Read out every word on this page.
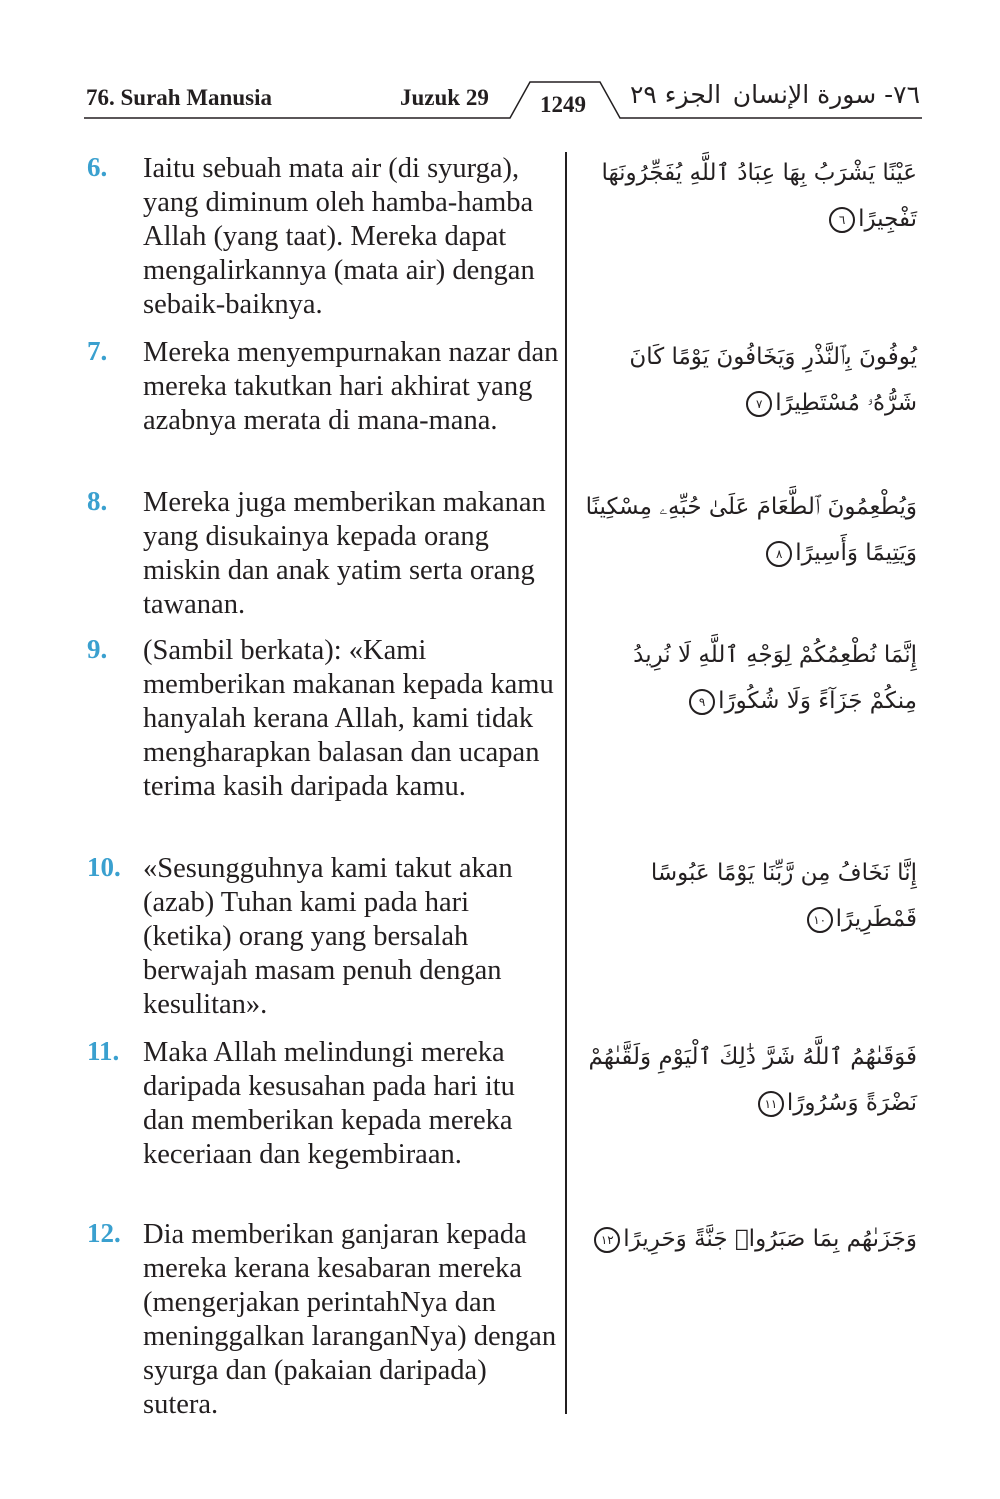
76. Surah Manusia	Juzuk 29 1249 الجزء ٢٩ ٧٦- سورة الإنسان
6. Iaitu sebuah mata air (di syurga), yang diminum oleh hamba-hamba Allah (yang taat). Mereka dapat mengalirkannya (mata air) dengan sebaik-baiknya.
عَيْنًا يَشْرَبُ بِهَا عِبَادُ ٱللَّهِ يُفَجِّرُونَهَا تَفْجِيرًا٦
7. Mereka menyempurnakan nazar dan mereka takutkan hari akhirat yang azabnya merata di mana-mana.
يُوفُونَ بِٱلنَّذْرِ وَيَخَافُونَ يَوْمًا كَانَ شَرُّهُۥ مُسْتَطِيرًا٧
8. Mereka juga memberikan makanan yang disukainya kepada orang miskin dan anak yatim serta orang tawanan.
وَيُطْعِمُونَ ٱلطَّعَامَ عَلَىٰ حُبِّهِۦ مِسْكِينًا وَيَتِيمًا وَأَسِيرًا٨
9. (Sambil berkata): «Kami memberikan makanan kepada kamu hanyalah kerana Allah, kami tidak mengharapkan balasan dan ucapan terima kasih daripada kamu.
إِنَّمَا نُطْعِمُكُمْ لِوَجْهِ ٱللَّهِ لَا نُرِيدُ مِنكُمْ جَزَآءً وَلَا شُكُورًا٩
10. «Sesungguhnya kami takut akan (azab) Tuhan kami pada hari (ketika) orang yang bersalah berwajah masam penuh dengan kesulitan».
إِنَّا نَخَافُ مِن رَّبِّنَا يَوْمًا عَبُوسًا قَمْطَرِيرًا١٠
11. Maka Allah melindungi mereka daripada kesusahan pada hari itu dan memberikan kepada mereka keceriaan dan kegembiraan.
فَوَقَىٰهُمُ ٱللَّهُ شَرَّ ذَٰلِكَ ٱلْيَوْمِ وَلَقَّىٰهُمْ نَضْرَةً وَسُرُورًا١١
12. Dia memberikan ganjaran kepada mereka kerana kesabaran mereka (mengerjakan perintahNya dan meninggalkan laranganNya) dengan syurga dan (pakaian daripada) sutera.
وَجَزَىٰهُم بِمَا صَبَرُوا۟ جَنَّةً وَحَرِيرًا١٢
